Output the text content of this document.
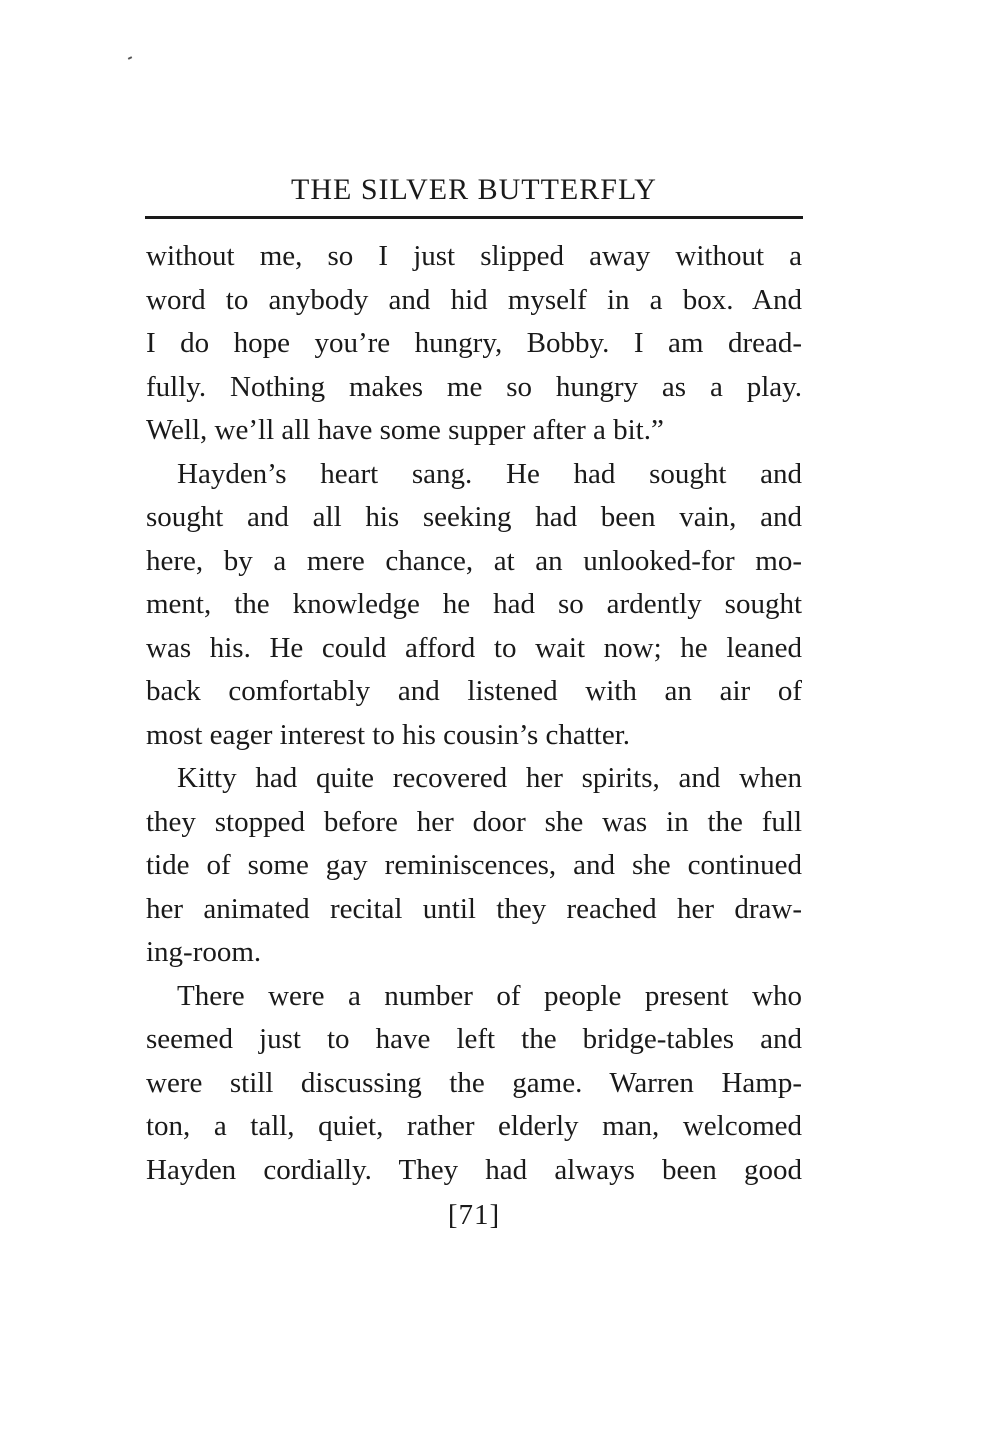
THE SILVER BUTTERFLY
without me, so I just slipped away without a
word to anybody and hid myself in a box. And
I do hope you’re hungry, Bobby. I am dread-
fully. Nothing makes me so hungry as a play.
Well, we’ll all have some supper after a bit.”
Hayden’s heart sang. He had sought and
sought and all his seeking had been vain, and
here, by a mere chance, at an unlooked-for mo-
ment, the knowledge he had so ardently sought
was his. He could afford to wait now; he leaned
back comfortably and listened with an air of
most eager interest to his cousin’s chatter.
Kitty had quite recovered her spirits, and when
they stopped before her door she was in the full
tide of some gay reminiscences, and she continued
her animated recital until they reached her draw-
ing-room.
There were a number of people present who
seemed just to have left the bridge-tables and
were still discussing the game. Warren Hamp-
ton, a tall, quiet, rather elderly man, welcomed
Hayden cordially. They had always been good
[71]
